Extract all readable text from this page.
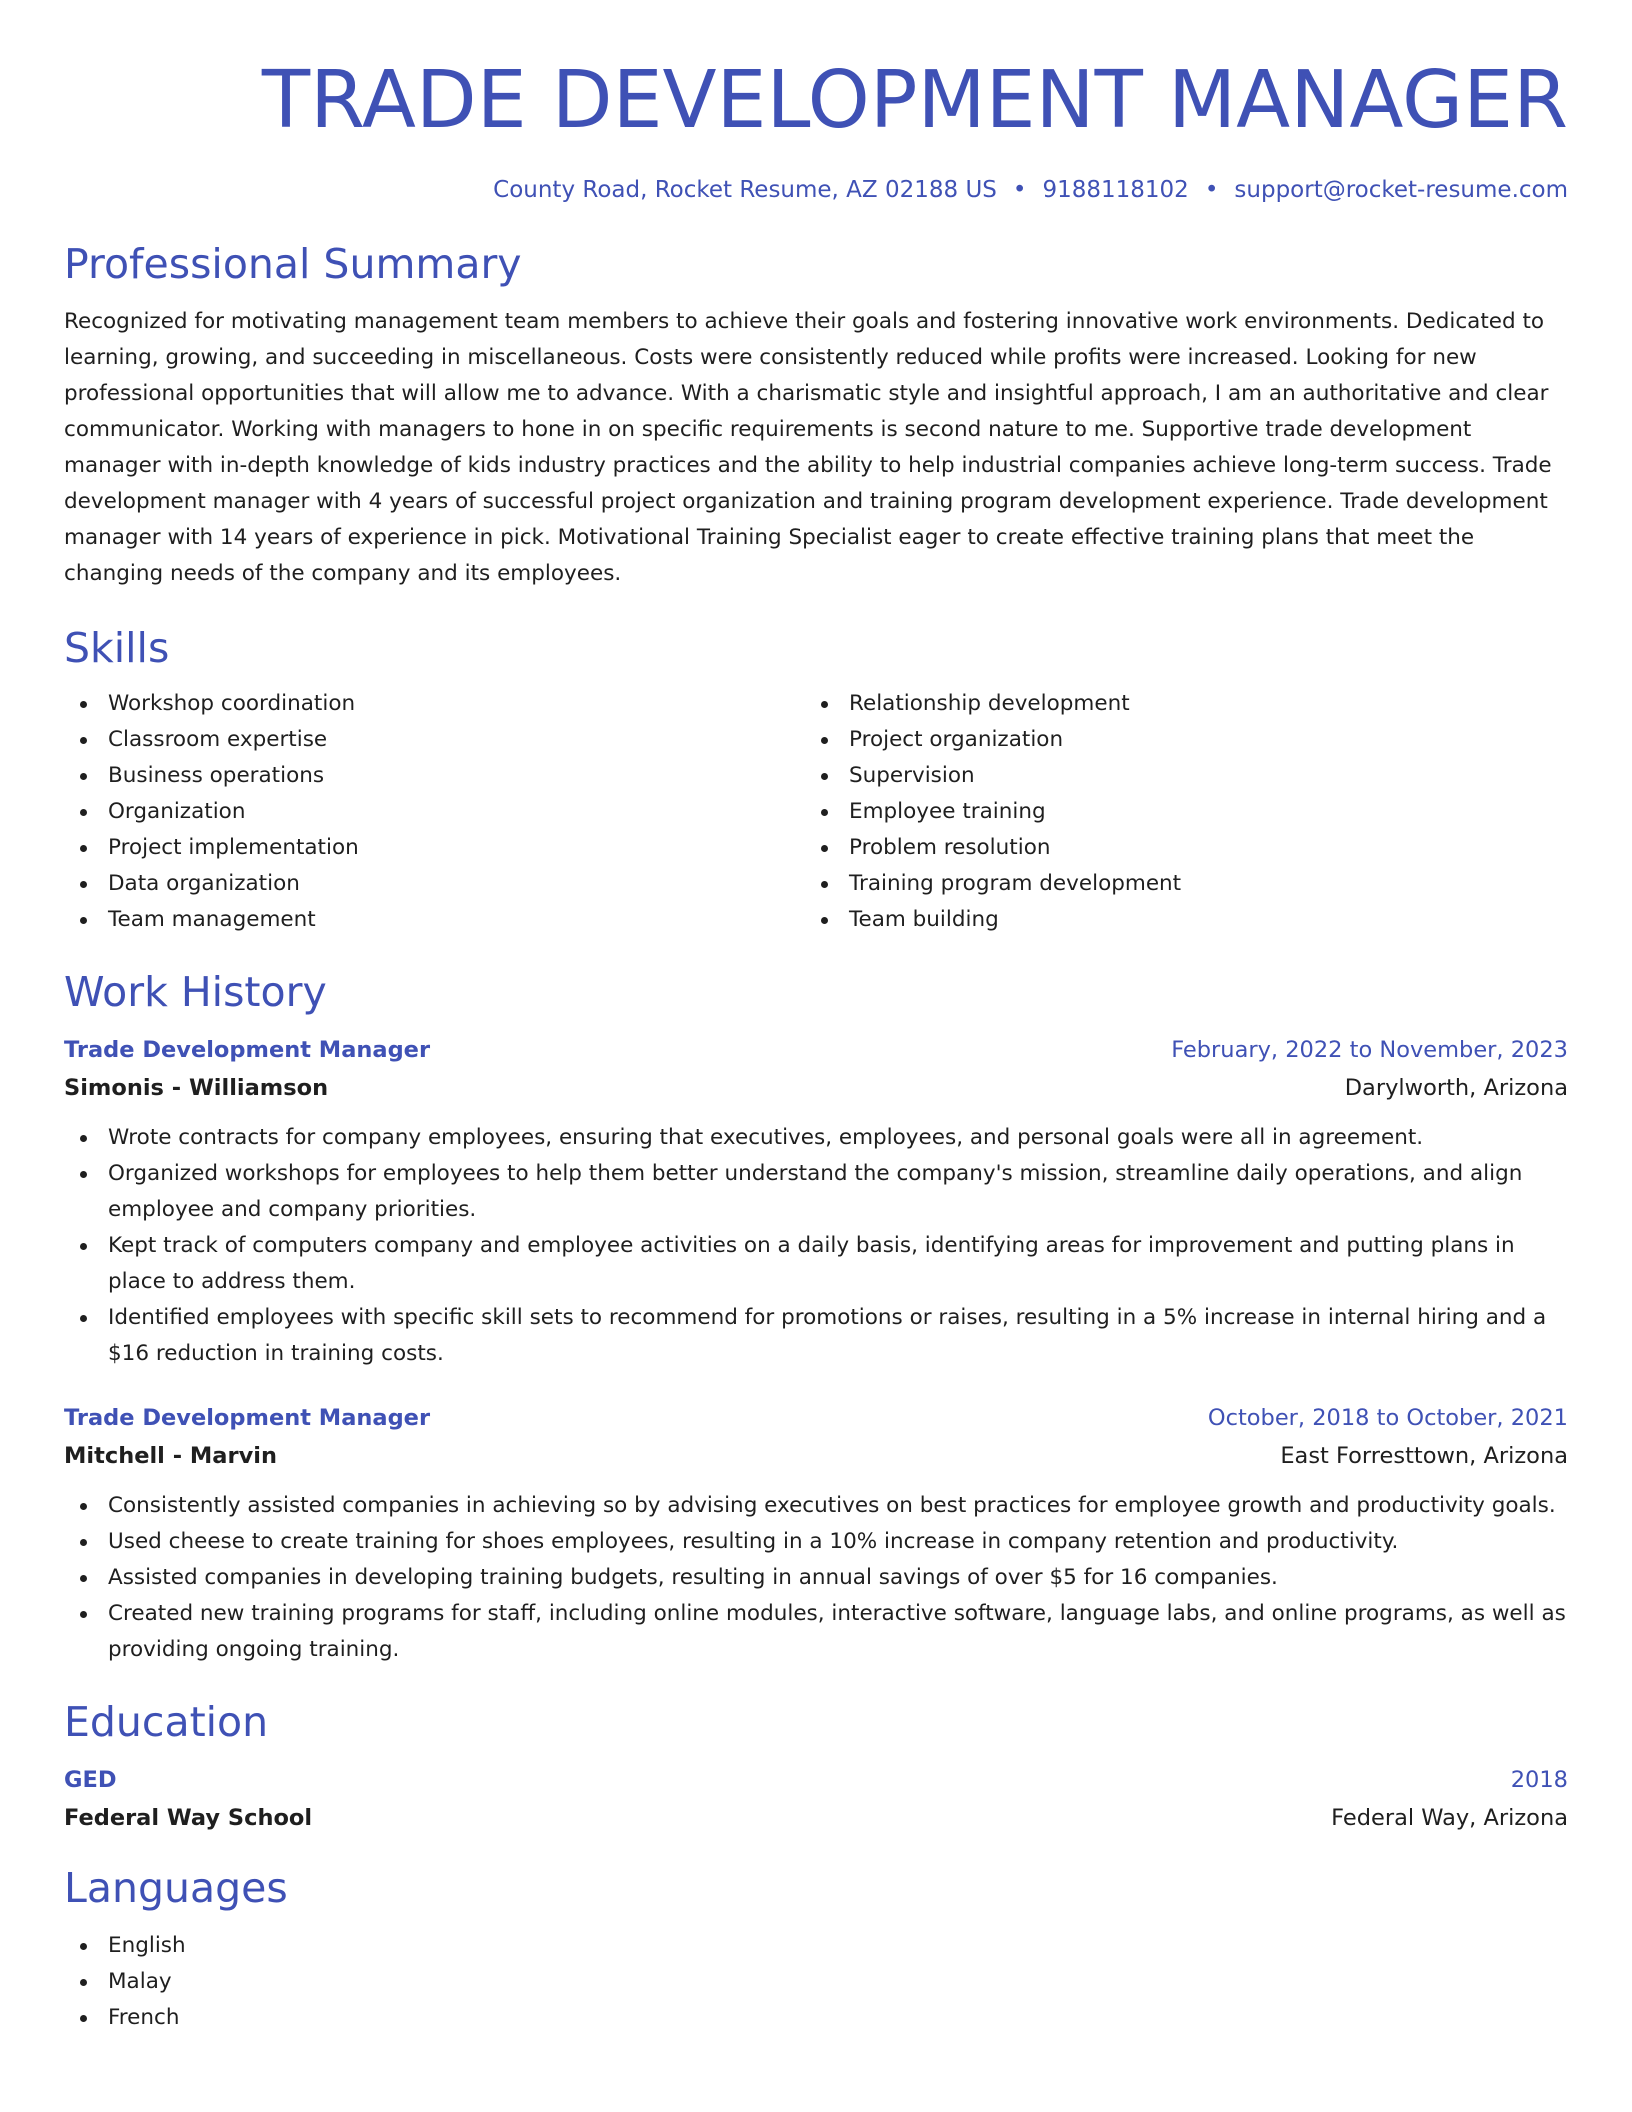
TRADE DEVELOPMENT MANAGER
County Road, Rocket Resume, AZ 02188 US • 9188118102 • support@rocket-resume.com
Professional Summary

Recognized for motivating management team members to achieve their goals and fostering innovative work environments. Dedicated to learning, growing, and succeeding in miscellaneous. Costs were consistently reduced while profits were increased. Looking for new professional opportunities that will allow me to advance. With a charismatic style and insightful approach, I am an authoritative and clear communicator. Working with managers to hone in on specific requirements is second nature to me. Supportive trade development manager with in-depth knowledge of kids industry practices and the ability to help industrial companies achieve long-term success. Trade development manager with 4 years of successful project organization and training program development experience. Trade development manager with 14 years of experience in pick. Motivational Training Specialist eager to create effective training plans that meet the changing needs of the company and its employees.

Skills
Workshop coordination
Classroom expertise
Business operations
Organization
Project implementation
Data organization
Team management
Relationship development
Project organization
Supervision
Employee training
Problem resolution
Training program development
Team building
Work History
Trade Development Manager	February, 2022 to November, 2023
Simonis - Williamson	Darylworth, Arizona
Wrote contracts for company employees, ensuring that executives, employees, and personal goals were all in agreement.
Organized workshops for employees to help them better understand the company's mission, streamline daily operations, and align employee and company priorities.
Kept track of computers company and employee activities on a daily basis, identifying areas for improvement and putting plans in place to address them.
Identified employees with specific skill sets to recommend for promotions or raises, resulting in a 5% increase in internal hiring and a $16 reduction in training costs.
Trade Development Manager	October, 2018 to October, 2021
Mitchell - Marvin	East Forresttown, Arizona
Consistently assisted companies in achieving so by advising executives on best practices for employee growth and productivity goals.
Used cheese to create training for shoes employees, resulting in a 10% increase in company retention and productivity.
Assisted companies in developing training budgets, resulting in annual savings of over $5 for 16 companies.
Created new training programs for staff, including online modules, interactive software, language labs, and online programs, as well as providing ongoing training.
Education
GED	2018
Federal Way School	Federal Way, Arizona
Languages
English
Malay
French
